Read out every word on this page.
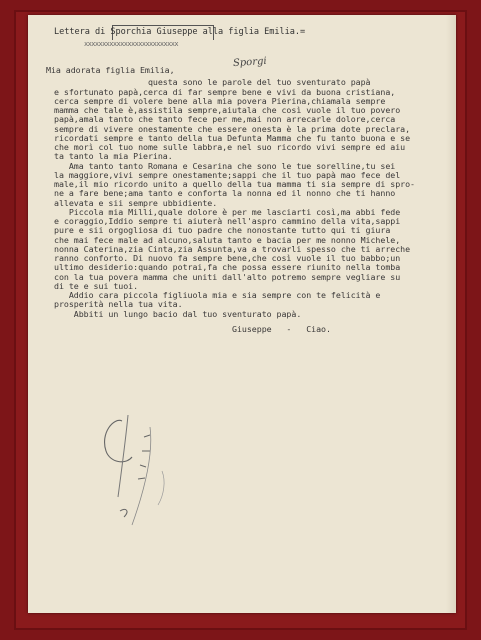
Lettera di Sporchia Giuseppe alla figlia Emilia.=
xxxxxxxxxxxxxxxxxxxxxxxxxx
Sporgi
Mia adorata figlia Emilia,
questa sono le parole del tuo sventurato papà
e sfortunato papà,cerca di far sempre bene e vivi da buona cristiana,
cerca sempre di volere bene alla mia povera Pierina,chiamala sempre
mamma che tale è,assistila sempre,aiutala che così vuole il tuo povero
papà,amala tanto che tanto fece per me,mai non arrecarle dolore,cerca
sempre di vivere onestamente che essere onesta è la prima dote preclara,
ricordati sempre e tanto della tua Defunta Mamma che fu tanto buona e se
che morì col tuo nome sulle labbra,e nel suo ricordo vivi sempre ed aiu
ta tanto la mia Pierina.
Ama tanto tanto Romana e Cesarina che sono le tue sorelline,tu sei
la maggiore,vivi sempre onestamente;sappi che il tuo papà mao fece del
male,il mio ricordo unito a quello della tua mamma ti sia sempre di spro-
ne a fare bene;ama tanto e conforta la nonna ed il nonno che ti hanno
allevata e sii sempre ubbidiente.
Piccola mia Milli,quale dolore è per me lasciarti così,ma abbi fede
e coraggio,Iddio sempre ti aiuterà nell'aspro cammino della vita,sappi
pure e sii orgogliosa di tuo padre che nonostante tutto qui ti giura
che mai fece male ad alcuno,saluta tanto e bacia per me nonno Michele,
nonna Caterina,zia Cinta,zia Assunta,va a trovarli spesso che ti arreche
ranno conforto. Di nuovo fa sempre bene,che così vuole il tuo babbo;un
ultimo desiderio:quando potrai,fa che possa essere riunito nella tomba
con la tua povera mamma che uniti dall'alto potremo sempre vegliare su
di te e sui tuoi.
Addio cara piccola figliuola mia e sia sempre con te felicità e
prosperità nella tua vita.
Abbiti un lungo bacio dal tuo sventurato papà.
Giuseppe   -   Ciao.
